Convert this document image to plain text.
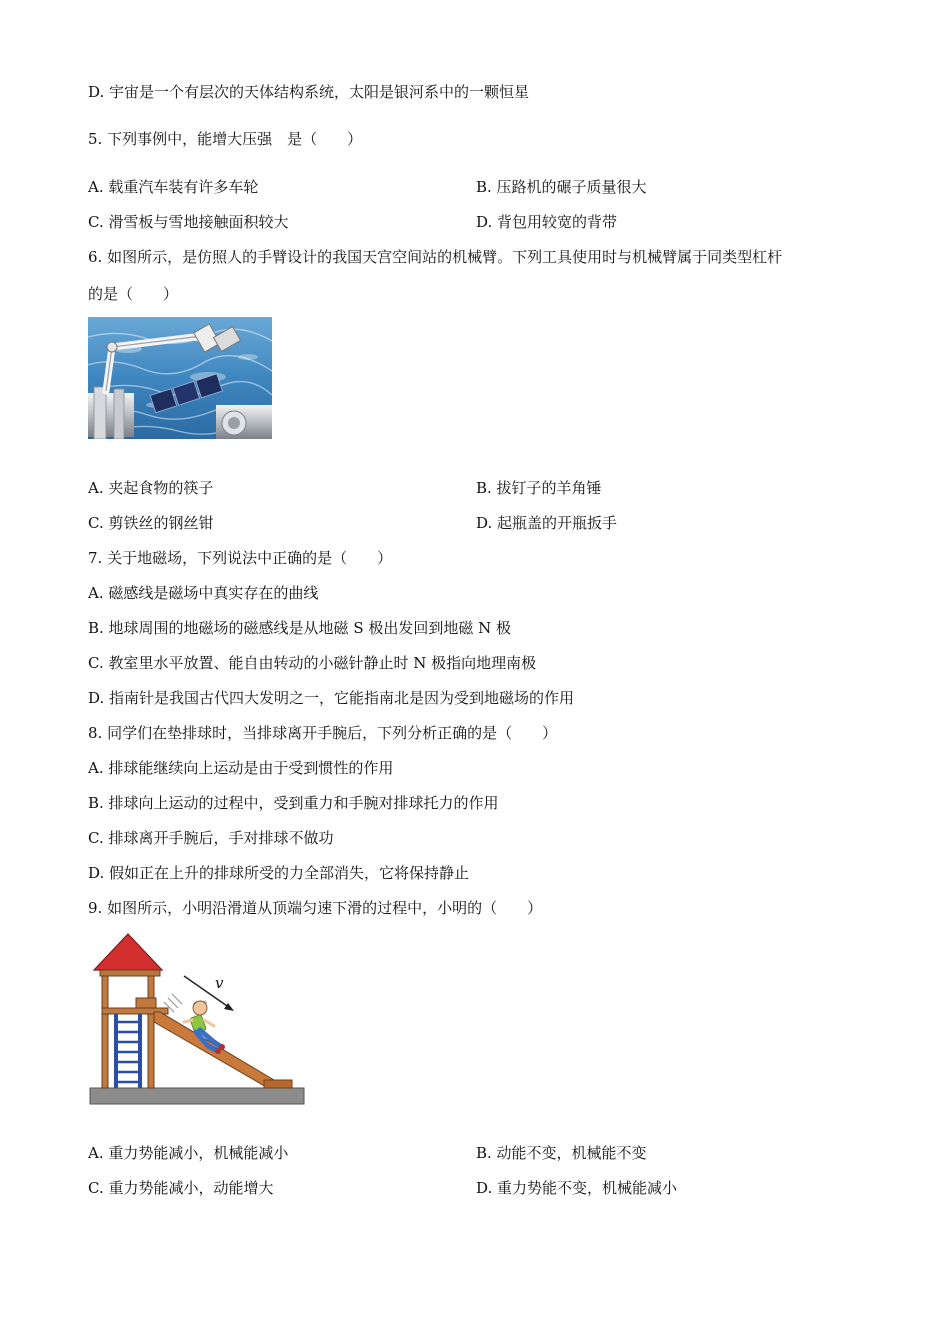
D. 宇宙是一个有层次的天体结构系统，太阳是银河系中的一颗恒星
5. 下列事例中，能增大压强　是（　　）
A. 载重汽车装有许多车轮	B. 压路机的碾子质量很大
C. 滑雪板与雪地接触面积较大	D. 背包用较宽的背带
6. 如图所示，是仿照人的手臂设计的我国天宫空间站的机械臂。下列工具使用时与机械臂属于同类型杠杆
的是（　　）
A. 夹起食物的筷子	B. 拔钉子的羊角锤
C. 剪铁丝的钢丝钳	D. 起瓶盖的开瓶扳手
7. 关于地磁场，下列说法中正确的是（　　）
A. 磁感线是磁场中真实存在的曲线
B. 地球周围的地磁场的磁感线是从地磁 S 极出发回到地磁 N 极
C. 教室里水平放置、能自由转动的小磁针静止时 N 极指向地理南极
D. 指南针是我国古代四大发明之一，它能指南北是因为受到地磁场的作用
8. 同学们在垫排球时，当排球离开手腕后，下列分析正确的是（　　）
A. 排球能继续向上运动是由于受到惯性的作用
B. 排球向上运动的过程中，受到重力和手腕对排球托力的作用
C. 排球离开手腕后，手对排球不做功
D. 假如正在上升的排球所受的力全部消失，它将保持静止
9. 如图所示，小明沿滑道从顶端匀速下滑的过程中，小明的（　　）
v
A. 重力势能减小，机械能减小	B. 动能不变，机械能不变
C. 重力势能减小，动能增大	D. 重力势能不变，机械能减小
